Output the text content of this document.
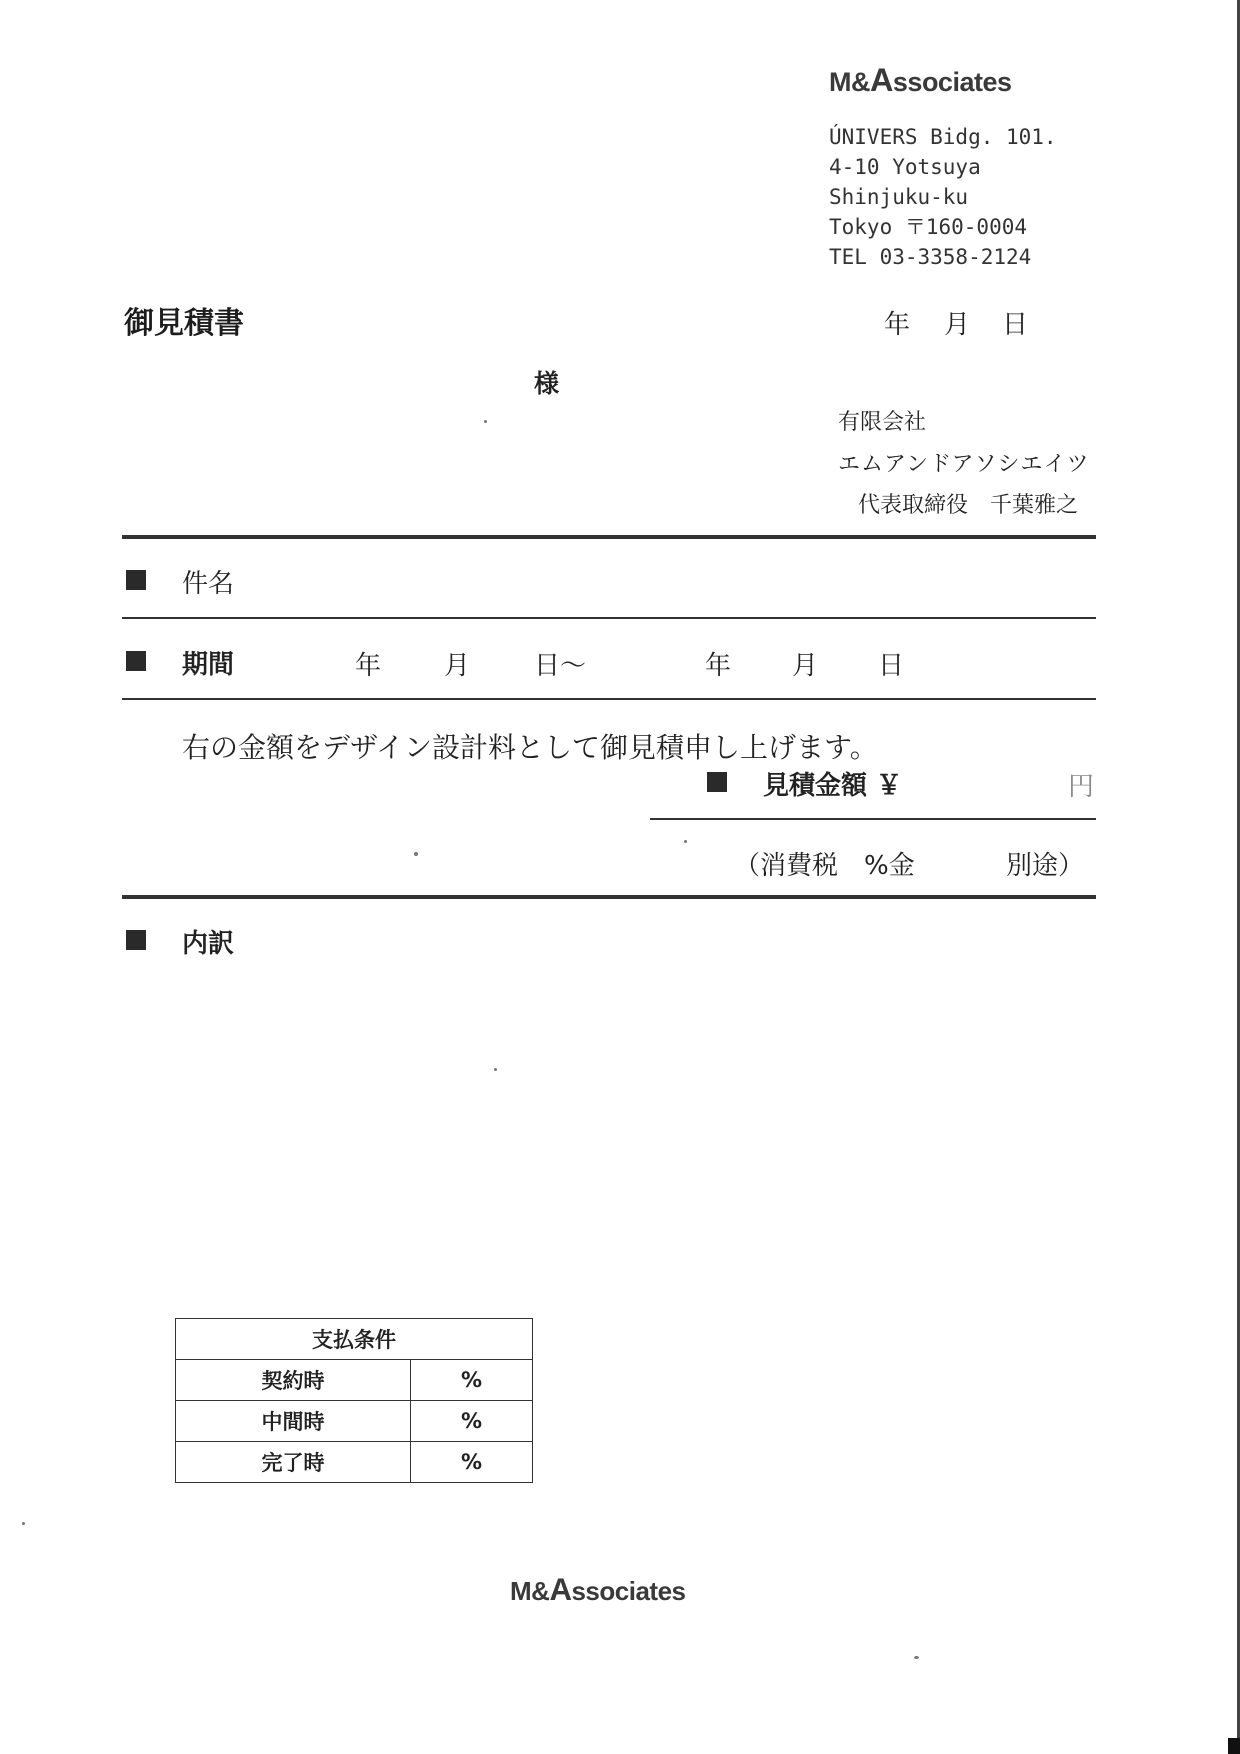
M&Associates
ÚNIVERS Bidg. 101.
4-10 Yotsuya
Shinjuku-ku
Tokyo 〒160-0004
TEL 03-3358-2124
御見積書	年 月 日
様
有限会社
エムアンドアソシエイツ
代表取締役　千葉雅之
件名
期間	年 月 日～	年 月 日
右の金額をデザイン設計料として御見積申し上げます。
見積金額 ￥	円
（消費税　%金	別途）
内訳
支払条件	
契約時	%
中間時	%
完了時	%
M&Associates
